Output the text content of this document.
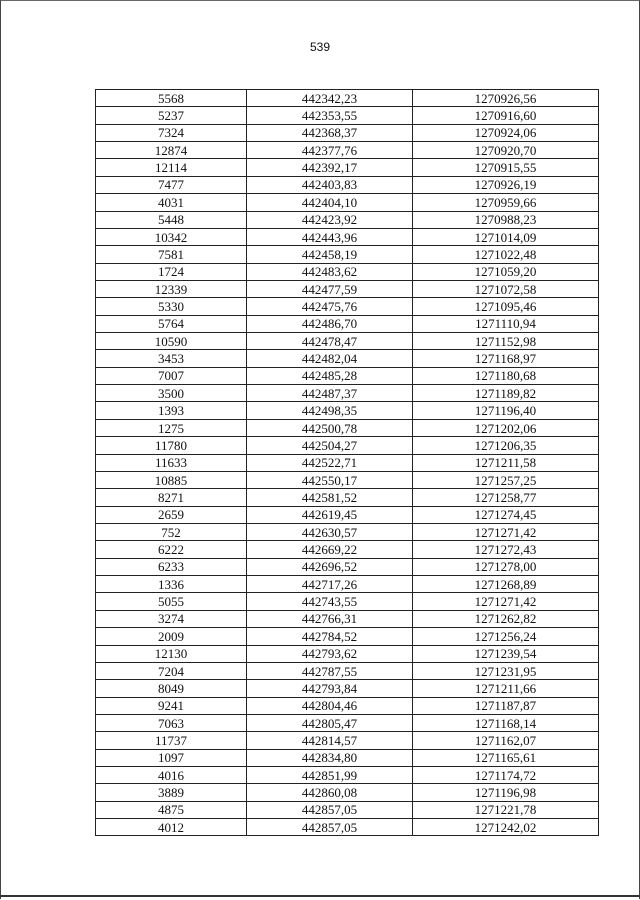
539
5568	442342,23	1270926,56
5237	442353,55	1270916,60
7324	442368,37	1270924,06
12874	442377,76	1270920,70
12114	442392,17	1270915,55
7477	442403,83	1270926,19
4031	442404,10	1270959,66
5448	442423,92	1270988,23
10342	442443,96	1271014,09
7581	442458,19	1271022,48
1724	442483,62	1271059,20
12339	442477,59	1271072,58
5330	442475,76	1271095,46
5764	442486,70	1271110,94
10590	442478,47	1271152,98
3453	442482,04	1271168,97
7007	442485,28	1271180,68
3500	442487,37	1271189,82
1393	442498,35	1271196,40
1275	442500,78	1271202,06
11780	442504,27	1271206,35
11633	442522,71	1271211,58
10885	442550,17	1271257,25
8271	442581,52	1271258,77
2659	442619,45	1271274,45
752	442630,57	1271271,42
6222	442669,22	1271272,43
6233	442696,52	1271278,00
1336	442717,26	1271268,89
5055	442743,55	1271271,42
3274	442766,31	1271262,82
2009	442784,52	1271256,24
12130	442793,62	1271239,54
7204	442787,55	1271231,95
8049	442793,84	1271211,66
9241	442804,46	1271187,87
7063	442805,47	1271168,14
11737	442814,57	1271162,07
1097	442834,80	1271165,61
4016	442851,99	1271174,72
3889	442860,08	1271196,98
4875	442857,05	1271221,78
4012	442857,05	1271242,02
